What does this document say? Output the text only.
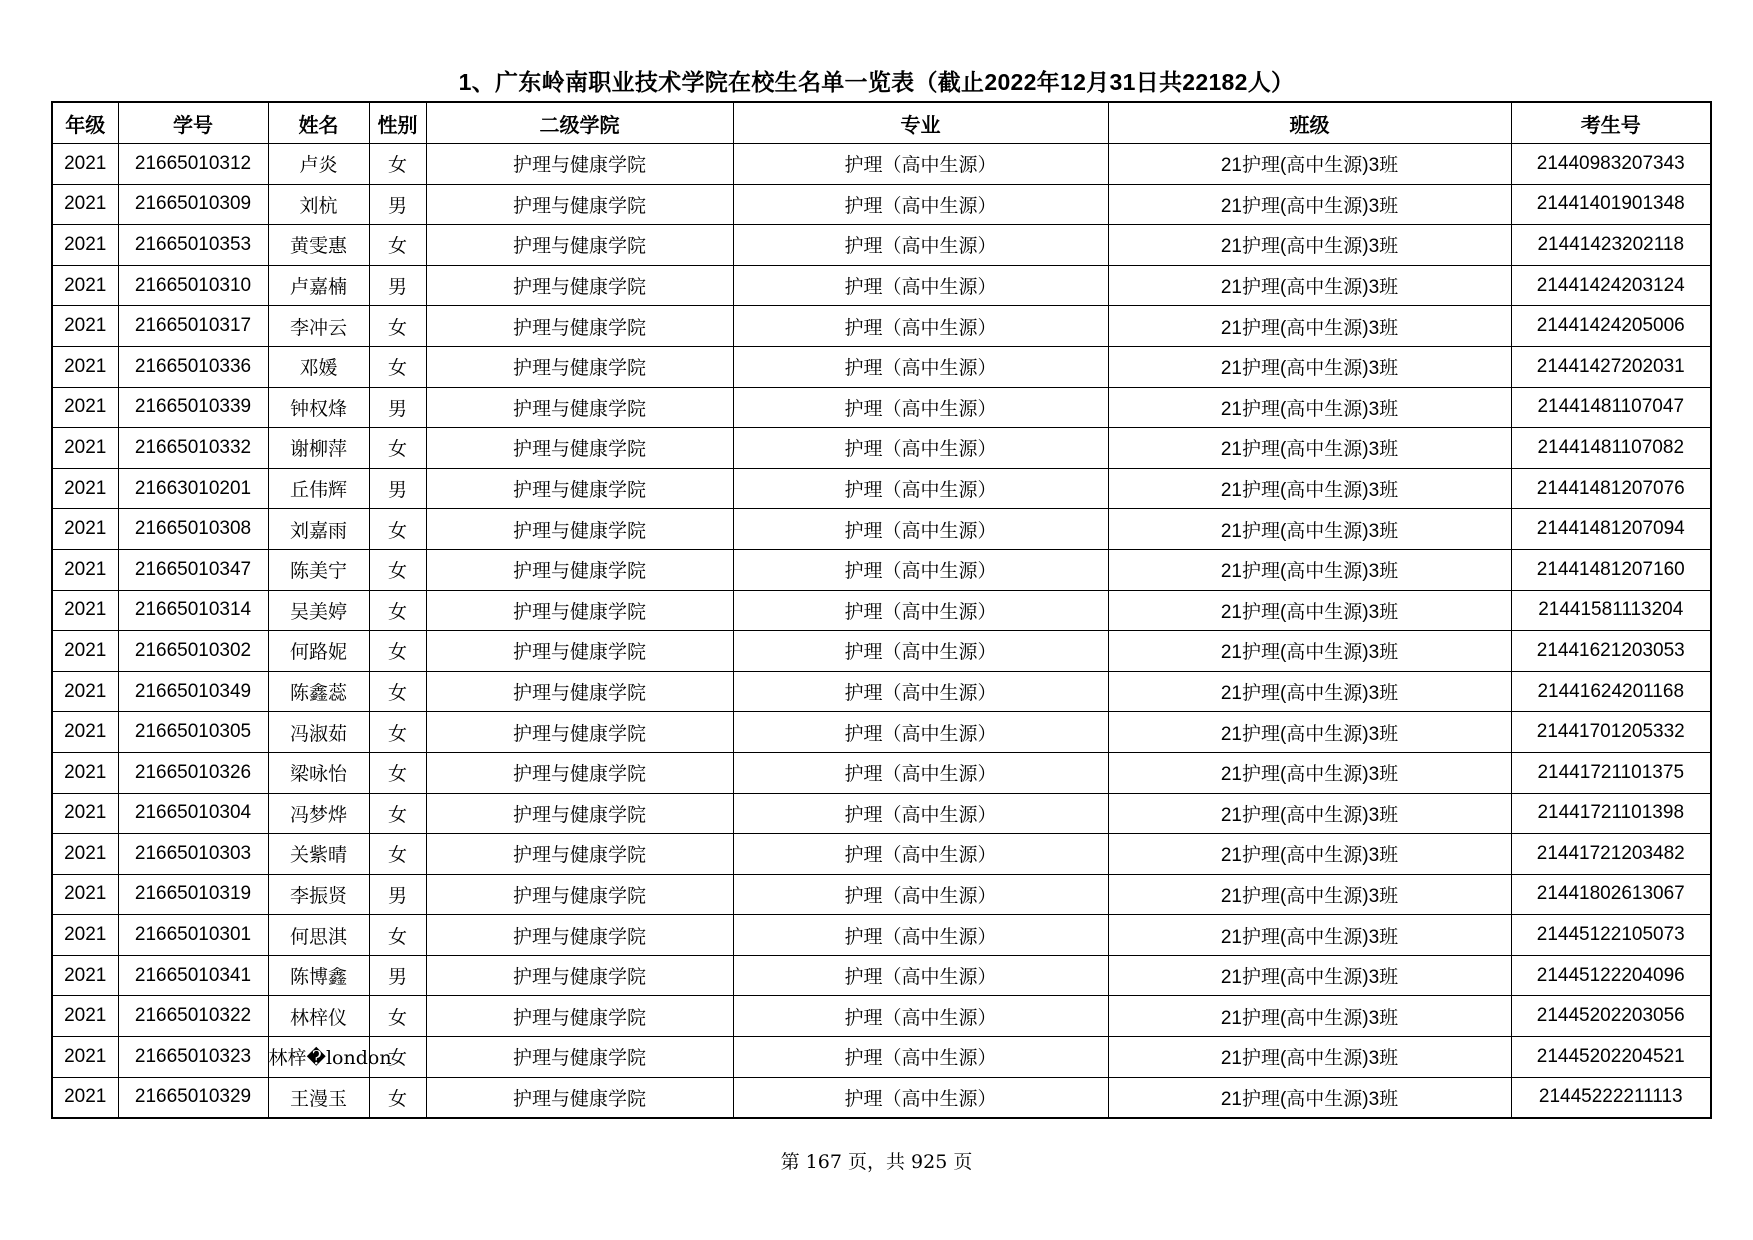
1、广东岭南职业技术学院在校生名单一览表（截止2022年12月31日共22182人）
年级	学号	姓名	性别	二级学院	专业	班级	考生号
2021	21665010312	卢炎	女	护理与健康学院	护理（高中生源）	21护理(高中生源)3班	21440983207343
2021	21665010309	刘杭	男	护理与健康学院	护理（高中生源）	21护理(高中生源)3班	21441401901348
2021	21665010353	黄雯惠	女	护理与健康学院	护理（高中生源）	21护理(高中生源)3班	21441423202118
2021	21665010310	卢嘉楠	男	护理与健康学院	护理（高中生源）	21护理(高中生源)3班	21441424203124
2021	21665010317	李冲云	女	护理与健康学院	护理（高中生源）	21护理(高中生源)3班	21441424205006
2021	21665010336	邓媛	女	护理与健康学院	护理（高中生源）	21护理(高中生源)3班	21441427202031
2021	21665010339	钟权烽	男	护理与健康学院	护理（高中生源）	21护理(高中生源)3班	21441481107047
2021	21665010332	谢柳萍	女	护理与健康学院	护理（高中生源）	21护理(高中生源)3班	21441481107082
2021	21663010201	丘伟辉	男	护理与健康学院	护理（高中生源）	21护理(高中生源)3班	21441481207076
2021	21665010308	刘嘉雨	女	护理与健康学院	护理（高中生源）	21护理(高中生源)3班	21441481207094
2021	21665010347	陈美宁	女	护理与健康学院	护理（高中生源）	21护理(高中生源)3班	21441481207160
2021	21665010314	吴美婷	女	护理与健康学院	护理（高中生源）	21护理(高中生源)3班	21441581113204
2021	21665010302	何路妮	女	护理与健康学院	护理（高中生源）	21护理(高中生源)3班	21441621203053
2021	21665010349	陈鑫蕊	女	护理与健康学院	护理（高中生源）	21护理(高中生源)3班	21441624201168
2021	21665010305	冯淑茹	女	护理与健康学院	护理（高中生源）	21护理(高中生源)3班	21441701205332
2021	21665010326	梁咏怡	女	护理与健康学院	护理（高中生源）	21护理(高中生源)3班	21441721101375
2021	21665010304	冯梦烨	女	护理与健康学院	护理（高中生源）	21护理(高中生源)3班	21441721101398
2021	21665010303	关紫晴	女	护理与健康学院	护理（高中生源）	21护理(高中生源)3班	21441721203482
2021	21665010319	李振贤	男	护理与健康学院	护理（高中生源）	21护理(高中生源)3班	21441802613067
2021	21665010301	何思淇	女	护理与健康学院	护理（高中生源）	21护理(高中生源)3班	21445122105073
2021	21665010341	陈博鑫	男	护理与健康学院	护理（高中生源）	21护理(高中生源)3班	21445122204096
2021	21665010322	林梓仪	女	护理与健康学院	护理（高中生源）	21护理(高中生源)3班	21445202203056
2021	21665010323	林梓�london	女	护理与健康学院	护理（高中生源）	21护理(高中生源)3班	21445202204521
2021	21665010329	王漫玉	女	护理与健康学院	护理（高中生源）	21护理(高中生源)3班	21445222211113
第 167 页，共 925 页
